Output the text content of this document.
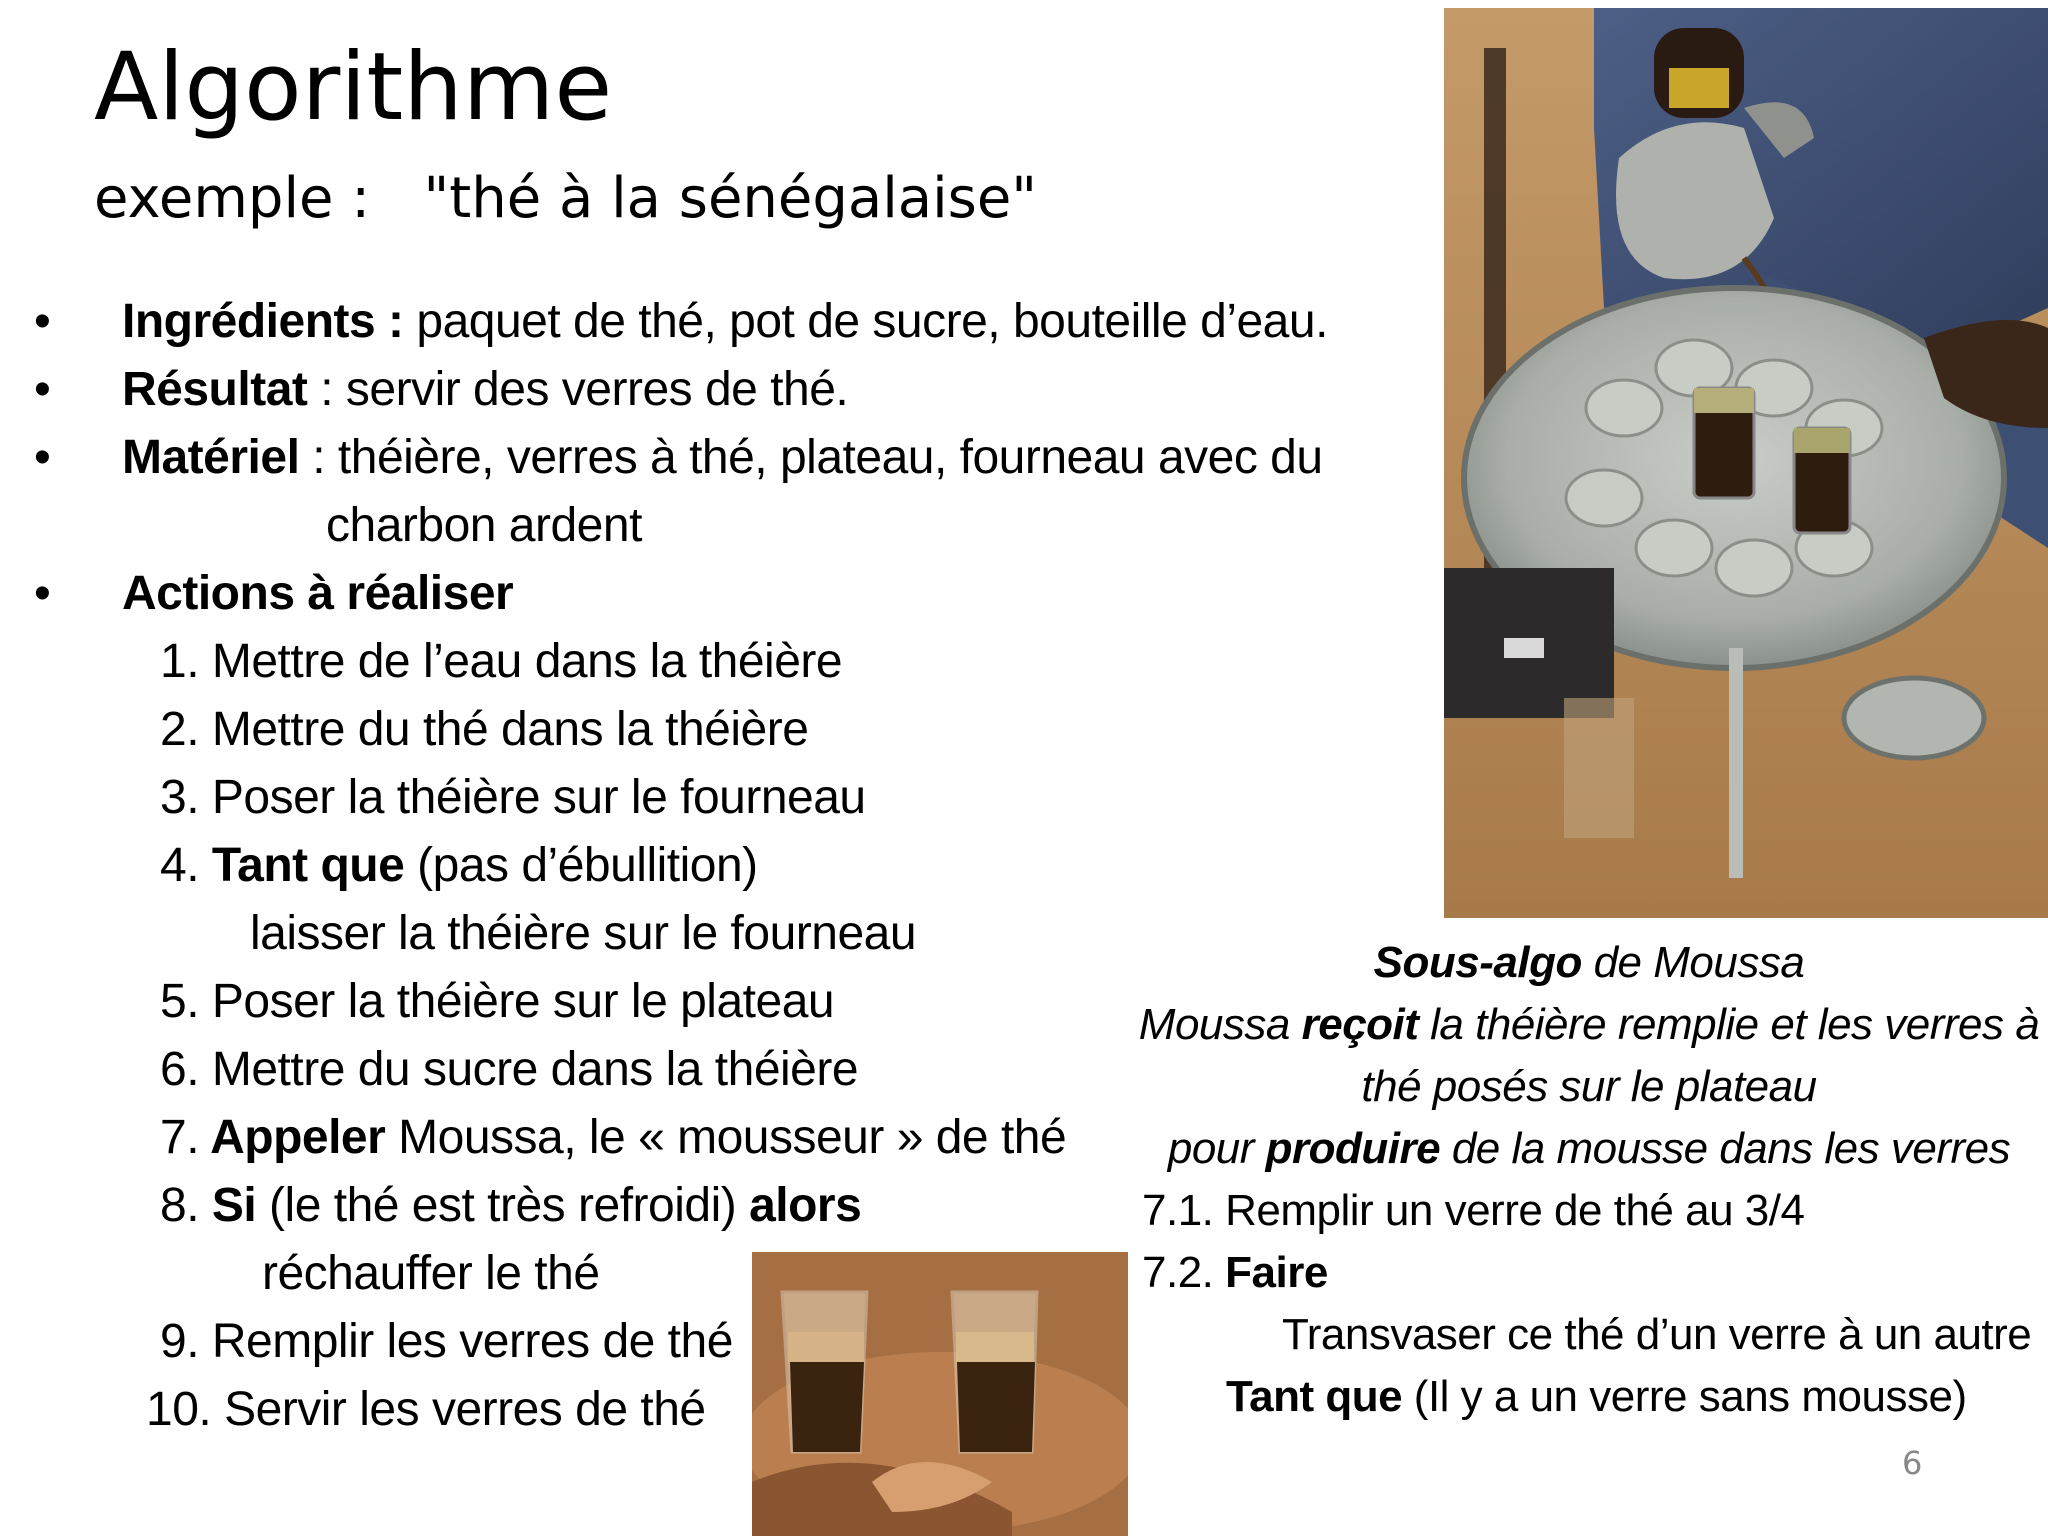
Algorithme
exemple :   "thé à la sénégalaise"
• Ingrédients : paquet de thé, pot de sucre, bouteille d’eau.
• Résultat : servir des verres de thé.
• Matériel : théière, verres à thé, plateau, fourneau avec du
charbon ardent
• Actions à réaliser
1. Mettre de l’eau dans la théière
2. Mettre du thé dans la théière
3. Poser la théière sur le fourneau
4. Tant que (pas d’ébullition)
laisser la théière sur le fourneau
5. Poser la théière sur le plateau
6. Mettre du sucre dans la théière
7. Appeler Moussa, le « mousseur » de thé
8. Si (le thé est très refroidi) alors
réchauffer le thé
9. Remplir les verres de thé
10. Servir les verres de thé
Sous-algo de Moussa
Moussa reçoit la théière remplie et les verres à
thé posés sur le plateau
pour produire de la mousse dans les verres
7.1. Remplir un verre de thé au 3/4
7.2. Faire
Transvaser ce thé d’un verre à un autre
Tant que (Il y a un verre sans mousse)
6
